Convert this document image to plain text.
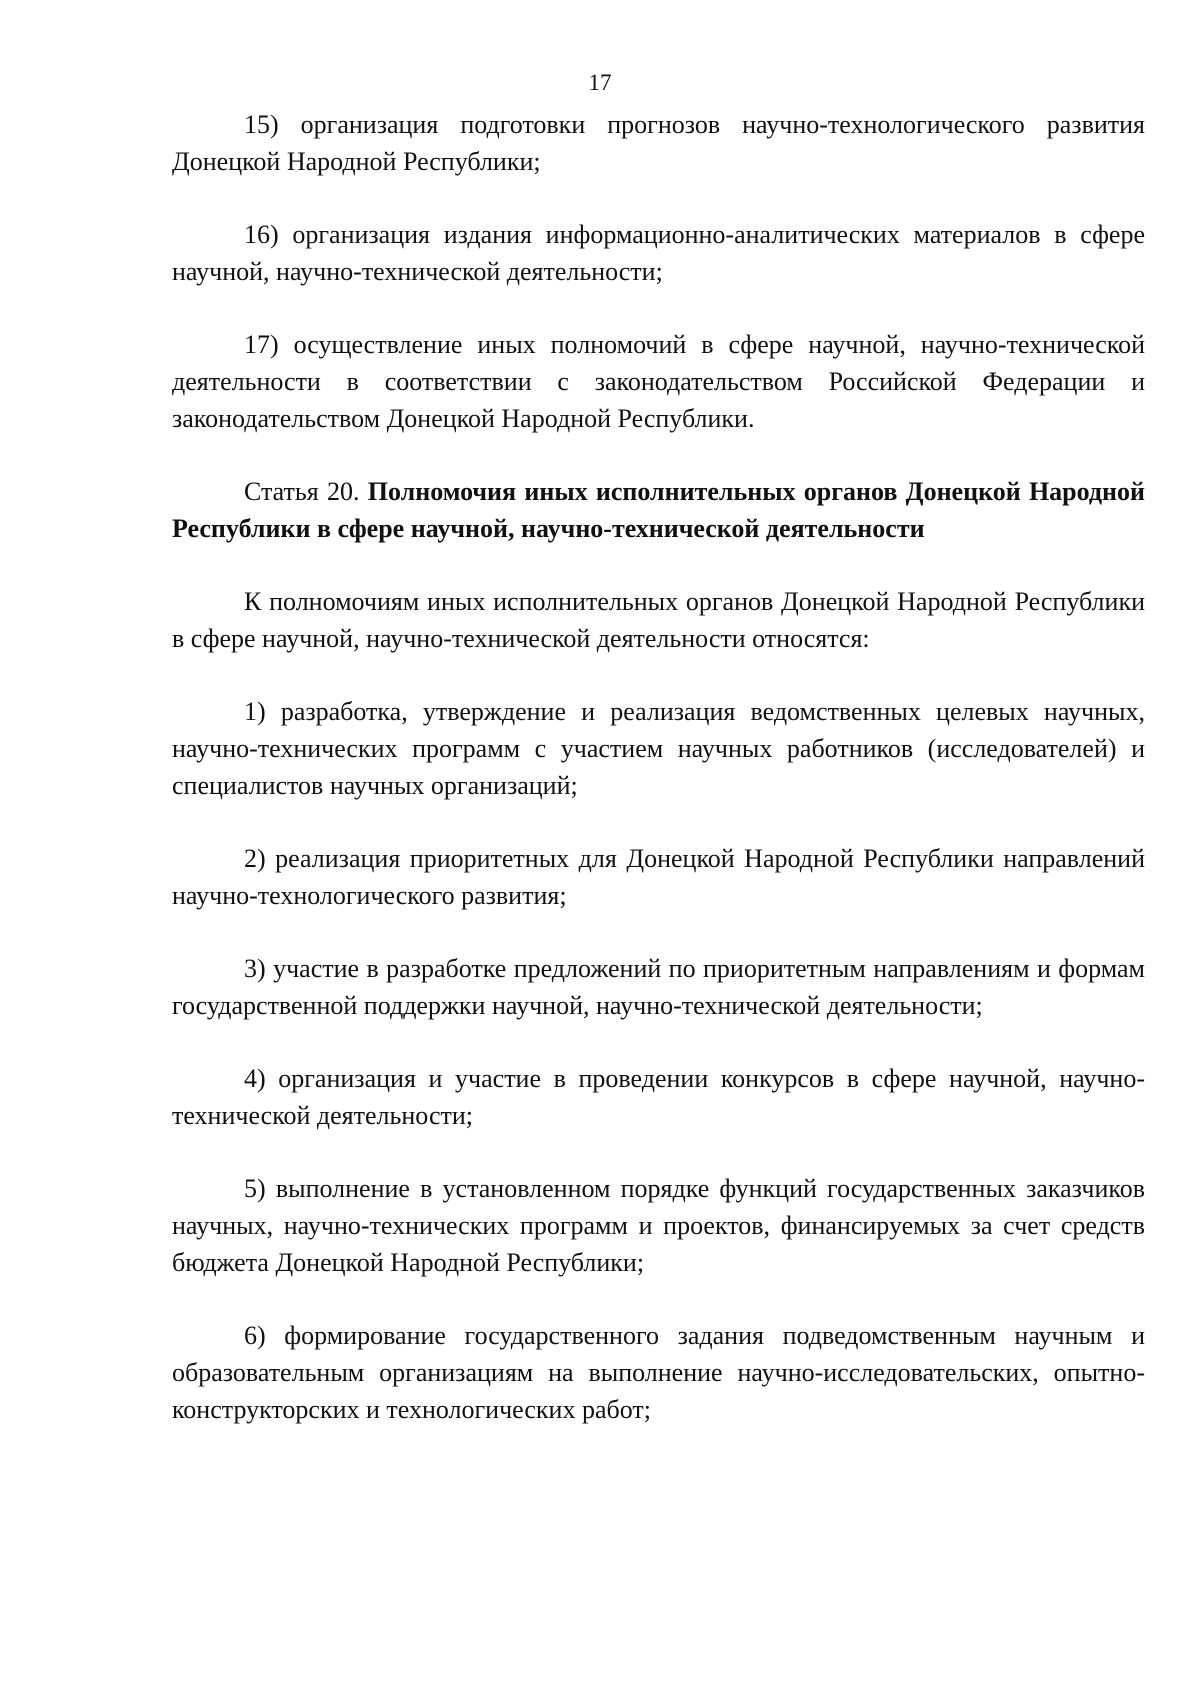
17

15) организация подготовки прогнозов научно-технологического развития Донецкой Народной Республики;

16) организация издания информационно-аналитических материалов в сфере научной, научно-технической деятельности;

17) осуществление иных полномочий в сфере научной, научно-технической деятельности в соответствии с законодательством Российской Федерации и законодательством Донецкой Народной Республики.

Статья 20. Полномочия иных исполнительных органов Донецкой Народной Республики в сфере научной, научно-технической деятельности

К полномочиям иных исполнительных органов Донецкой Народной Республики в сфере научной, научно-технической деятельности относятся:

1) разработка, утверждение и реализация ведомственных целевых научных, научно-технических программ с участием научных работников (исследователей) и специалистов научных организаций;

2) реализация приоритетных для Донецкой Народной Республики направлений научно-технологического развития;

3) участие в разработке предложений по приоритетным направлениям и формам государственной поддержки научной, научно-технической деятельности;

4) организация и участие в проведении конкурсов в сфере научной, научно-технической деятельности;

5) выполнение в установленном порядке функций государственных заказчиков научных, научно-технических программ и проектов, финансируемых за счет средств бюджета Донецкой Народной Республики;

6) формирование государственного задания подведомственным научным и образовательным организациям на выполнение научно-исследовательских, опытно-конструкторских и технологических работ;
